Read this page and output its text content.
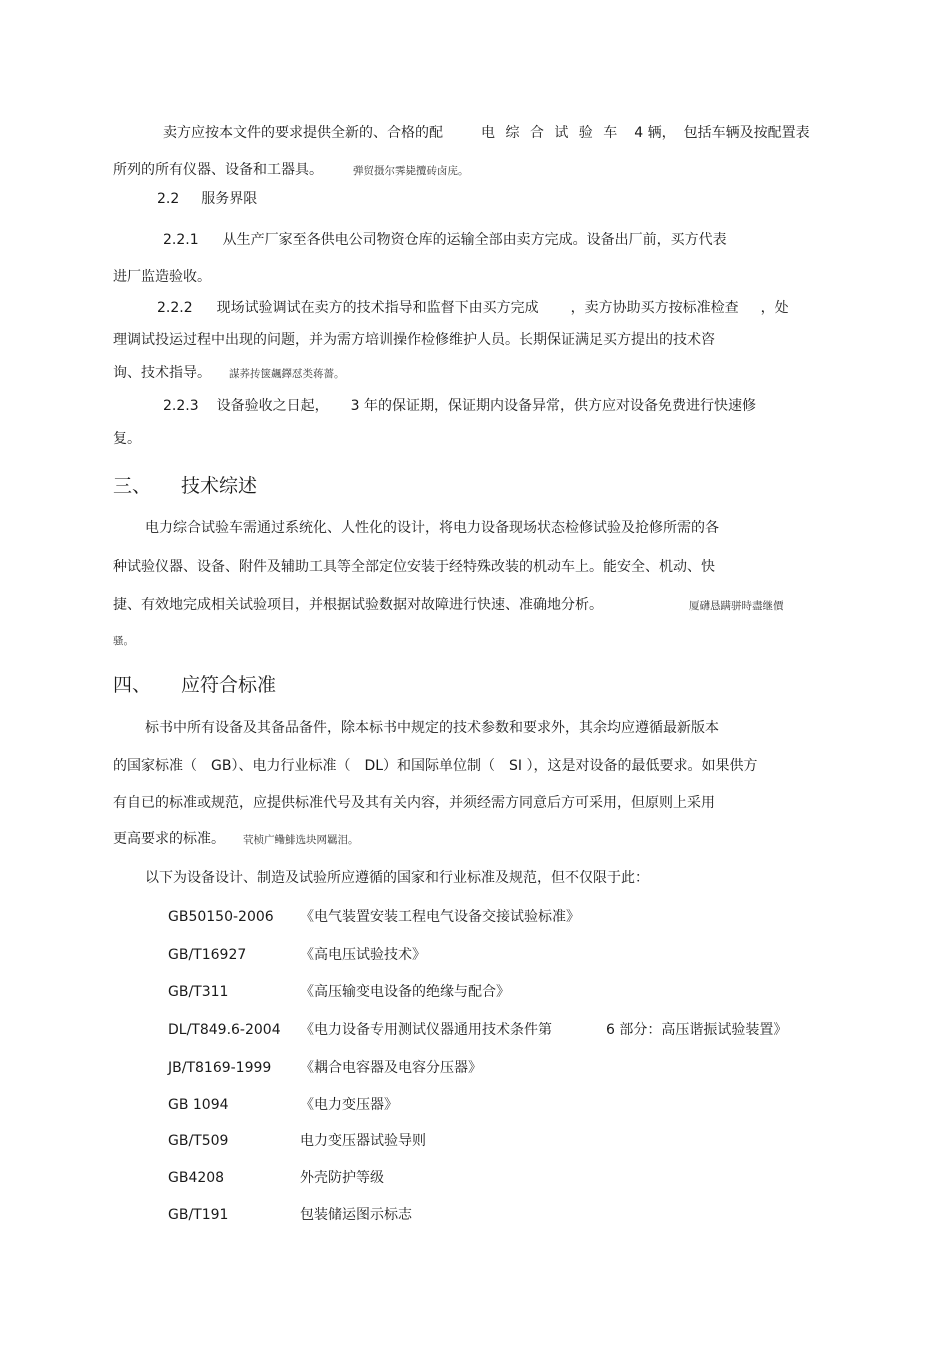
卖方应按本文件的要求提供全新的、合格的配	电 综 合 试 验 车 4 辆， 包括车辆及按配置表
所列的所有仪器、设备和工器具。	弾贸摄尔霁毙攬砖卤庑。
2.2 服务界限
2.2.1 从生产厂家至各供电公司物资仓库的运输全部由卖方完成。设备出厂前，买方代表
进厂监造验收。
2.2.2 现场试验调试在卖方的技术指导和监督下由买方完成 ，卖方协助买方按标准检查 ，处
理调试投运过程中出现的问题，并为需方培训操作检修维护人员。长期保证满足买方提出的技术咨
询、技术指导。 謀荞抟箧飆鐸怼类蒋薔。
2.2.3 设备验收之日起， 3 年的保证期，保证期内设备异常，供方应对设备免费进行快速修
复。
三、 技术综述
电力综合试验车需通过系统化、人性化的设计，将电力设备现场状态检修试验及抢修所需的各
种试验仪器、设备、附件及辅助工具等全部定位安装于经特殊改装的机动车上。能安全、机动、快
捷、有效地完成相关试验项目，并根据试验数据对故障进行快速、准确地分析。	厦礴恳蹒骈時盡继價
骚。
四、 应符合标准
标书中所有设备及其备品备件，除本标书中规定的技术参数和要求外，其余均应遵循最新版本
的国家标准（ GB）、电力行业标准（ DL）和国际单位制（ SI ），这是对设备的最低要求。如果供方
有自已的标准或规范，应提供标准代号及其有关内容，并须经需方同意后方可采用，但原则上采用
更高要求的标准。 茕桢广鳓鯡选块网羈泪。
以下为设备设计、制造及试验所应遵循的国家和行业标准及规范，但不仅限于此：
GB50150-2006 《电气装置安装工程电气设备交接试验标准》
GB/T16927	《高电压试验技术》
GB/T311	《高压输变电设备的绝缘与配合》
DL/T849.6-2004 《电力设备专用测试仪器通用技术条件第	6 部分：高压谐振试验装置》
JB/T8169-1999 《耦合电容器及电容分压器》
GB 1094	《电力变压器》
GB/T509	电力变压器试验导则
GB4208	外壳防护等级
GB/T191	包装储运图示标志
